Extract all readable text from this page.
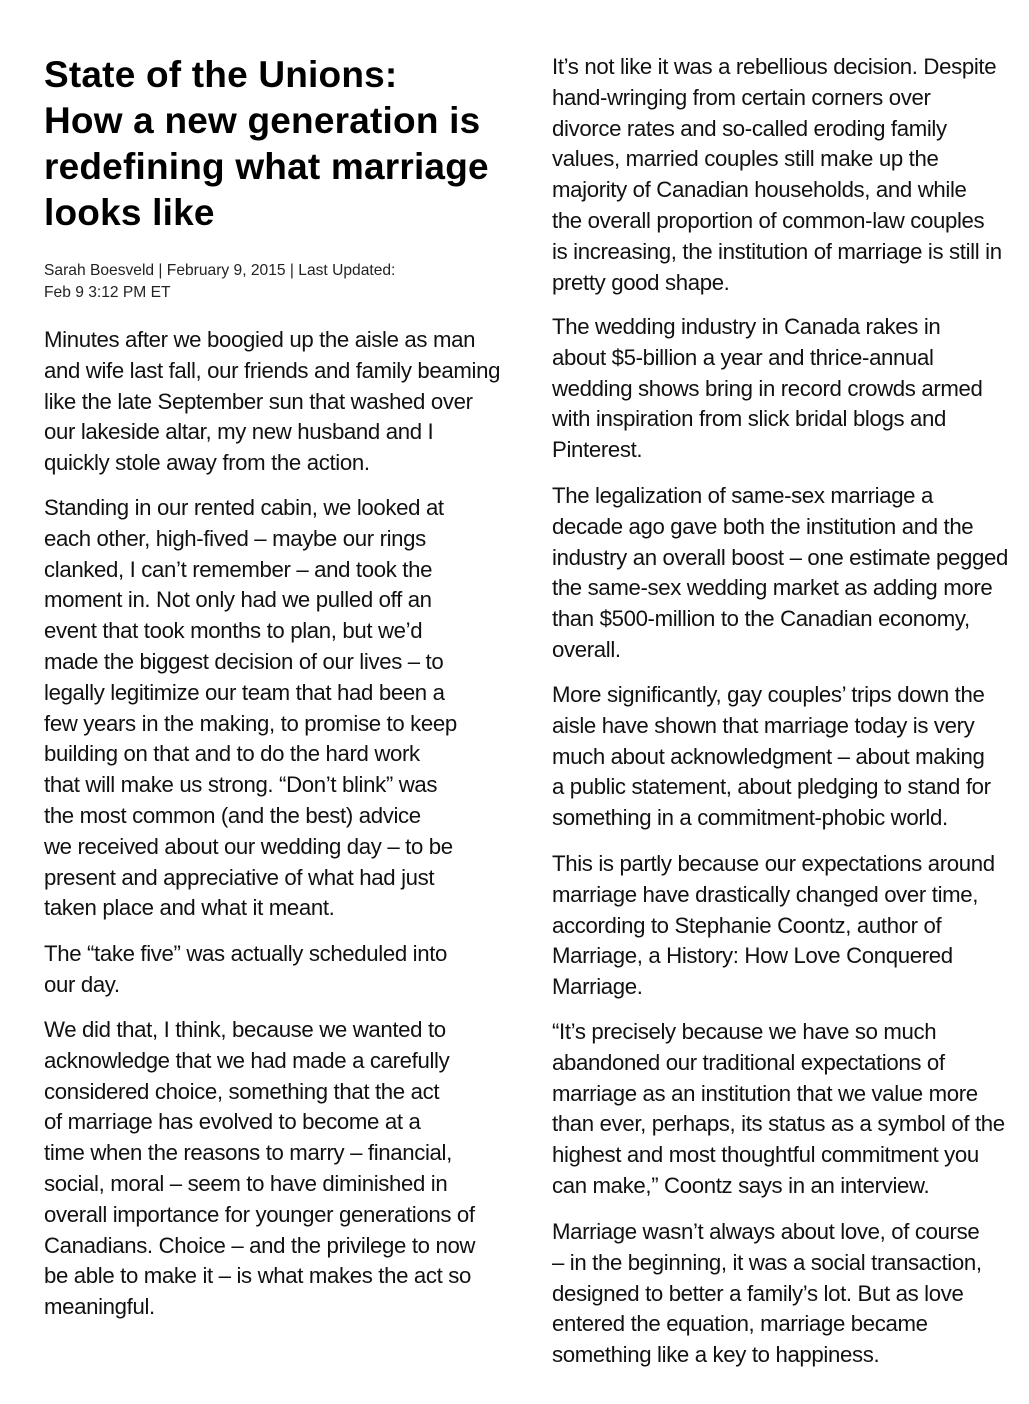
State of the Unions:
How a new generation is
redefining what marriage
looks like

Sarah Boesveld | February 9, 2015 | Last Updated:
Feb 9 3:12 PM ET

Minutes after we boogied up the aisle as man
and wife last fall, our friends and family beaming
like the late September sun that washed over
our lakeside altar, my new husband and I
quickly stole away from the action.

Standing in our rented cabin, we looked at
each other, high-fived – maybe our rings
clanked, I can’t remember – and took the
moment in. Not only had we pulled off an
event that took months to plan, but we’d
made the biggest decision of our lives – to
legally legitimize our team that had been a
few years in the making, to promise to keep
building on that and to do the hard work
that will make us strong. “Don’t blink” was
the most common (and the best) advice
we received about our wedding day – to be
present and appreciative of what had just
taken place and what it meant.

The “take five” was actually scheduled into
our day.

We did that, I think, because we wanted to
acknowledge that we had made a carefully
considered choice, something that the act
of marriage has evolved to become at a
time when the reasons to marry – financial,
social, moral – seem to have diminished in
overall importance for younger generations of
Canadians. Choice – and the privilege to now
be able to make it – is what makes the act so
meaningful.

It’s not like it was a rebellious decision. Despite
hand-wringing from certain corners over
divorce rates and so-called eroding family
values, married couples still make up the
majority of Canadian households, and while
the overall proportion of common-law couples
is increasing, the institution of marriage is still in
pretty good shape.

The wedding industry in Canada rakes in
about $5-billion a year and thrice-annual
wedding shows bring in record crowds armed
with inspiration from slick bridal blogs and
Pinterest.

The legalization of same-sex marriage a
decade ago gave both the institution and the
industry an overall boost – one estimate pegged
the same-sex wedding market as adding more
than $500-million to the Canadian economy,
overall.

More significantly, gay couples’ trips down the
aisle have shown that marriage today is very
much about acknowledgment – about making
a public statement, about pledging to stand for
something in a commitment-phobic world.

This is partly because our expectations around
marriage have drastically changed over time,
according to Stephanie Coontz, author of
Marriage, a History: How Love Conquered
Marriage.

“It’s precisely because we have so much
abandoned our traditional expectations of
marriage as an institution that we value more
than ever, perhaps, its status as a symbol of the
highest and most thoughtful commitment you
can make,” Coontz says in an interview.

Marriage wasn’t always about love, of course
– in the beginning, it was a social transaction,
designed to better a family’s lot. But as love
entered the equation, marriage became
something like a key to happiness.
